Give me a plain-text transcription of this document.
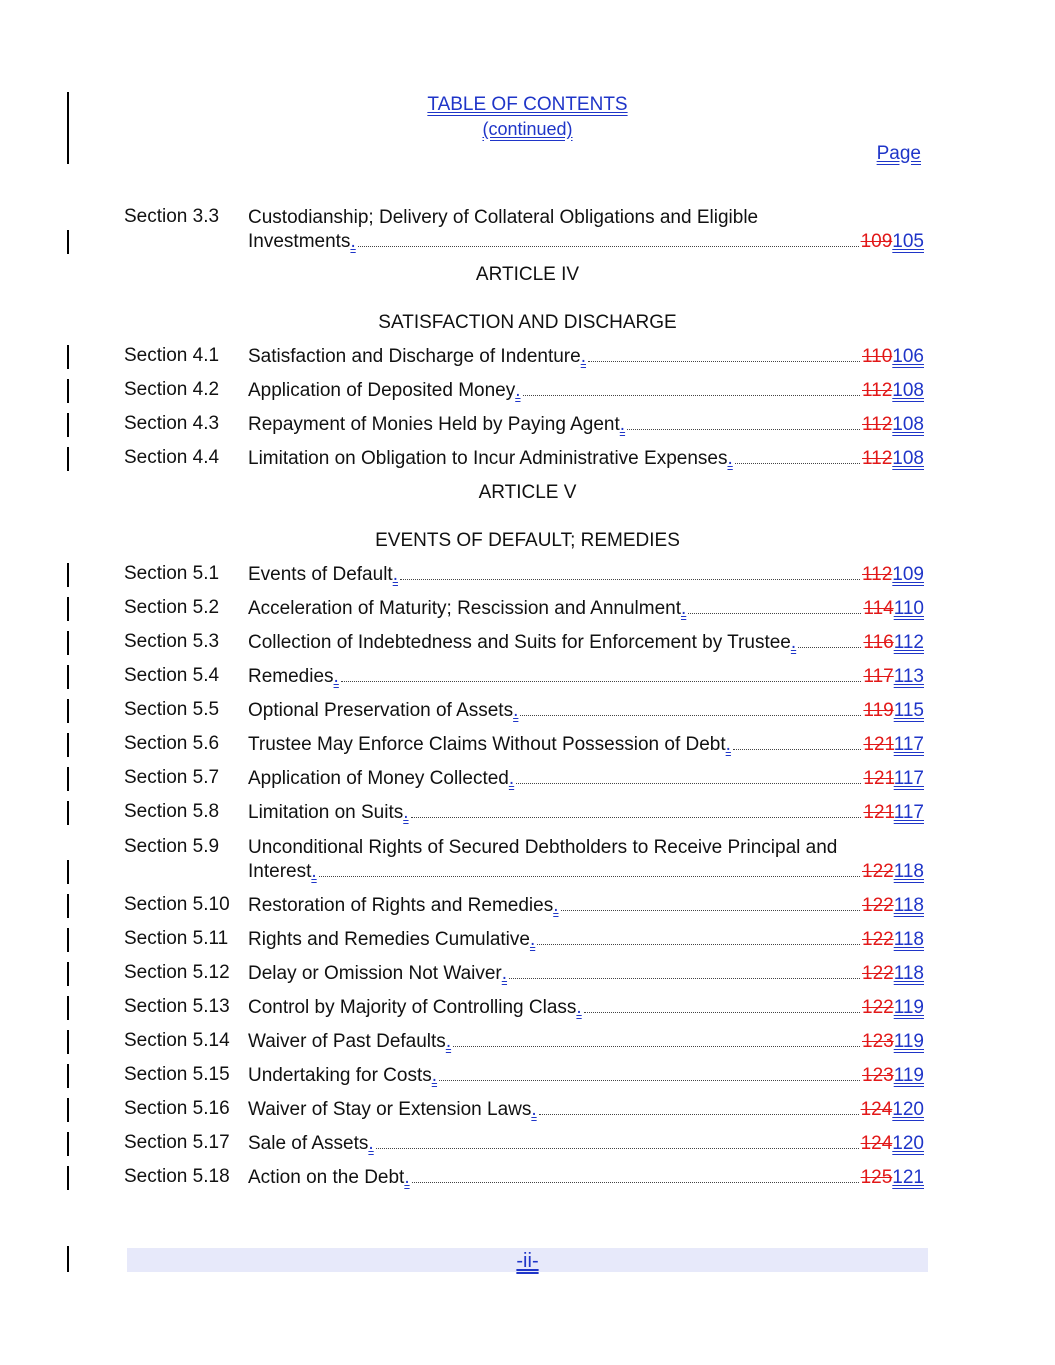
TABLE OF CONTENTS
(continued)
Page
Section 3.3 Custodianship; Delivery of Collateral Obligations and Eligible
Investments .	109105
ARTICLE IV
SATISFACTION AND DISCHARGE
Section 4.1 Satisfaction and Discharge of Indenture .	110106
Section 4.2 Application of Deposited Money .	112108
Section 4.3 Repayment of Monies Held by Paying Agent .	112108
Section 4.4 Limitation on Obligation to Incur Administrative Expenses .	112108
ARTICLE V
EVENTS OF DEFAULT; REMEDIES
Section 5.1 Events of Default .	112109
Section 5.2 Acceleration of Maturity; Rescission and Annulment .	114110
Section 5.3 Collection of Indebtedness and Suits for Enforcement by Trustee .	116112
Section 5.4 Remedies .	117113
Section 5.5 Optional Preservation of Assets .	119115
Section 5.6 Trustee May Enforce Claims Without Possession of Debt .	121117
Section 5.7 Application of Money Collected .	121117
Section 5.8 Limitation on Suits .	121117
Section 5.9 Unconditional Rights of Secured Debtholders to Receive Principal and
Interest .	122118
Section 5.10 Restoration of Rights and Remedies .	122118
Section 5.11 Rights and Remedies Cumulative .	122118
Section 5.12 Delay or Omission Not Waiver .	122118
Section 5.13 Control by Majority of Controlling Class .	122119
Section 5.14 Waiver of Past Defaults .	123119
Section 5.15 Undertaking for Costs .	123119
Section 5.16 Waiver of Stay or Extension Laws .	124120
Section 5.17 Sale of Assets .	124120
Section 5.18 Action on the Debt .	125121
-ii-
